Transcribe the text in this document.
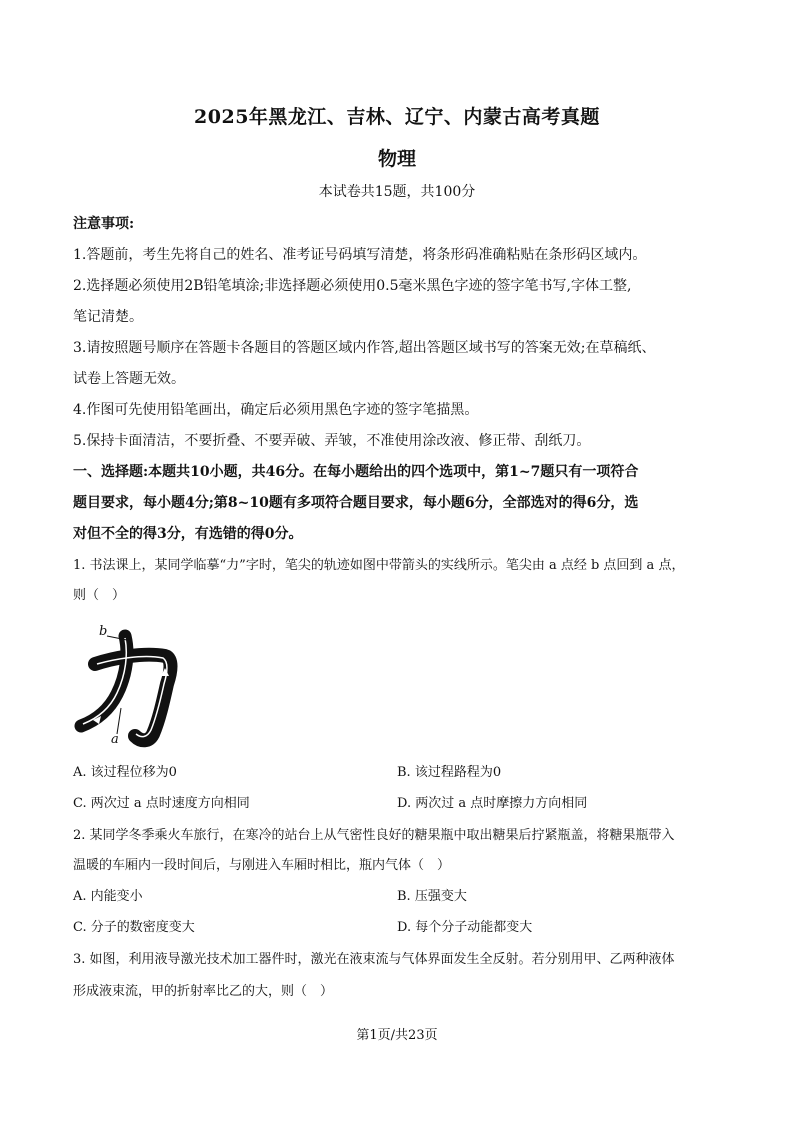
2025年黑龙江、吉林、辽宁、内蒙古高考真题
物理
本试卷共15题，共100分
注意事项:
1.答题前，考生先将自己的姓名、准考证号码填写清楚，将条形码准确粘贴在条形码区域内。
2.选择题必须使用2B铅笔填涂;非选择题必须使用0.5毫米黑色字迹的签字笔书写,字体工整,
笔记清楚。
3.请按照题号顺序在答题卡各题目的答题区域内作答,超出答题区域书写的答案无效;在草稿纸、
试卷上答题无效。
4.作图可先使用铅笔画出，确定后必须用黑色字迹的签字笔描黑。
5.保持卡面清洁，不要折叠、不要弄破、弄皱，不准使用涂改液、修正带、刮纸刀。
一、选择题:本题共10小题，共46分。在每小题给出的四个选项中，第1~7题只有一项符合
题目要求，每小题4分;第8~10题有多项符合题目要求，每小题6分，全部选对的得6分，选
对但不全的得3分，有选错的得0分。
1. 书法课上，某同学临摹“力”字时，笔尖的轨迹如图中带箭头的实线所示。笔尖由 a 点经 b 点回到 a 点，
则（　）
b
a
A. 该过程位移为0	B. 该过程路程为0
C. 两次过 a 点时速度方向相同	D. 两次过 a 点时摩擦力方向相同
2. 某同学冬季乘火车旅行，在寒冷的站台上从气密性良好的糖果瓶中取出糖果后拧紧瓶盖，将糖果瓶带入
温暖的车厢内一段时间后，与刚进入车厢时相比，瓶内气体（　）
A. 内能变小	B. 压强变大
C. 分子的数密度变大	D. 每个分子动能都变大
3. 如图，利用液导激光技术加工器件时，激光在液束流与气体界面发生全反射。若分别用甲、乙两种液体
形成液束流，甲的折射率比乙的大，则（　）
第1页/共23页
